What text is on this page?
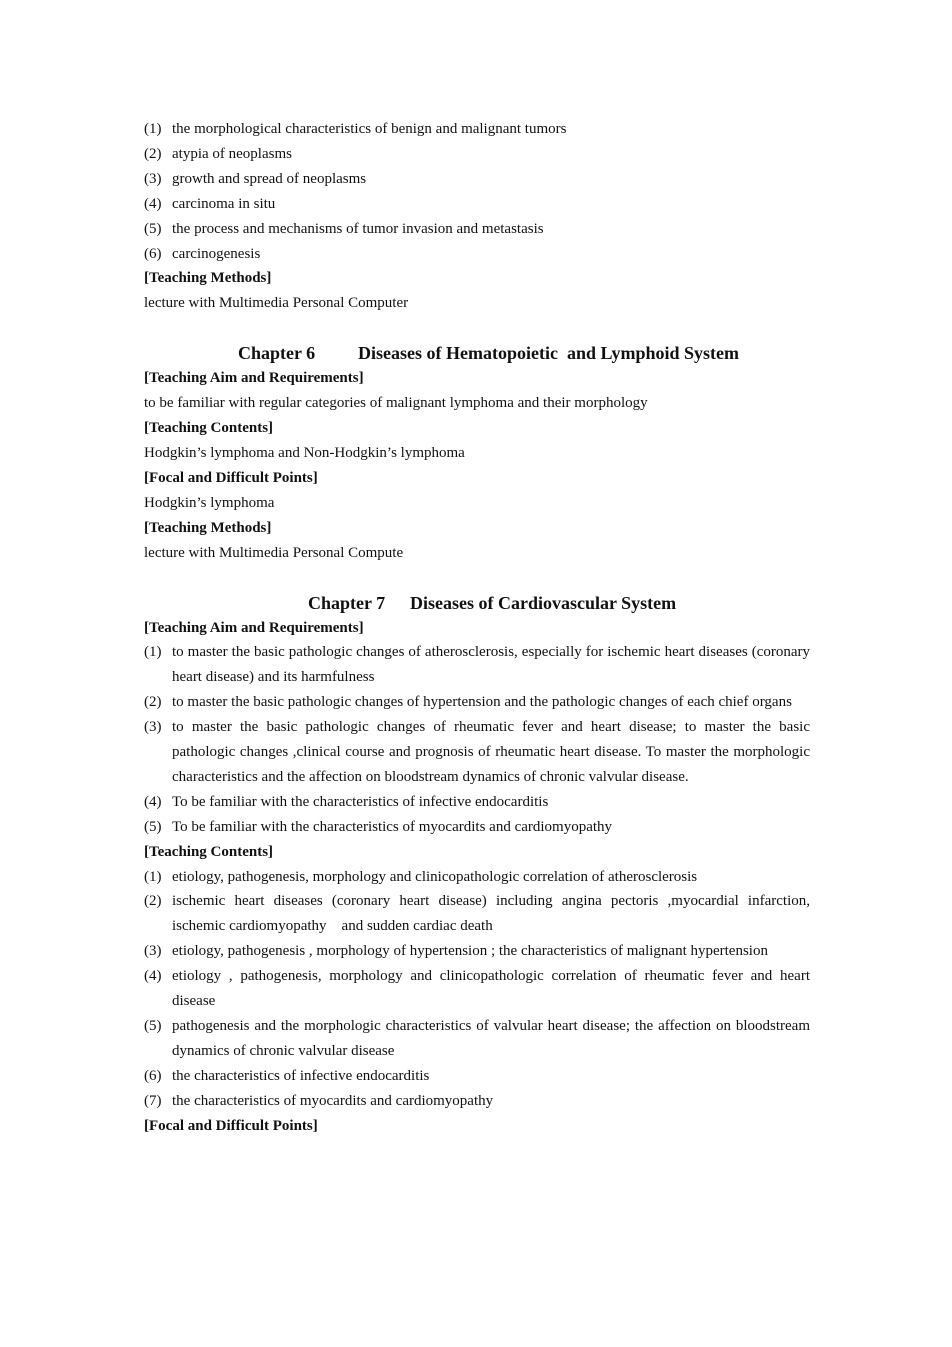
(1) the morphological characteristics of benign and malignant tumors
(2) atypia of neoplasms
(3) growth and spread of neoplasms
(4) carcinoma in situ
(5) the process and mechanisms of tumor invasion and metastasis
(6) carcinogenesis
[Teaching Methods]
lecture with Multimedia Personal Computer
Chapter 6 Diseases of Hematopoietic  and Lymphoid System
[Teaching Aim and Requirements]
to be familiar with regular categories of malignant lymphoma and their morphology
[Teaching Contents]
Hodgkin’s lymphoma and Non-Hodgkin’s lymphoma
[Focal and Difficult Points]
Hodgkin’s lymphoma
[Teaching Methods]
lecture with Multimedia Personal Compute
Chapter 7 Diseases of Cardiovascular System
[Teaching Aim and Requirements]
(1) to master the basic pathologic changes of atherosclerosis, especially for ischemic heart diseases (coronary heart disease) and its harmfulness
(2) to master the basic pathologic changes of hypertension and the pathologic changes of each chief organs
(3) to master the basic pathologic changes of rheumatic fever and heart disease; to master the basic pathologic changes ,clinical course and prognosis of rheumatic heart disease. To master the morphologic characteristics and the affection on bloodstream dynamics of chronic valvular disease.
(4) To be familiar with the characteristics of infective endocarditis
(5) To be familiar with the characteristics of myocardits and cardiomyopathy
[Teaching Contents]
(1) etiology, pathogenesis, morphology and clinicopathologic correlation of atherosclerosis
(2) ischemic heart diseases (coronary heart disease) including angina pectoris ,myocardial infarction, ischemic cardiomyopathy    and sudden cardiac death
(3) etiology, pathogenesis , morphology of hypertension ; the characteristics of malignant hypertension
(4) etiology , pathogenesis, morphology and clinicopathologic correlation of rheumatic fever and heart disease
(5) pathogenesis and the morphologic characteristics of valvular heart disease; the affection on bloodstream dynamics of chronic valvular disease
(6) the characteristics of infective endocarditis
(7) the characteristics of myocardits and cardiomyopathy
[Focal and Difficult Points]
